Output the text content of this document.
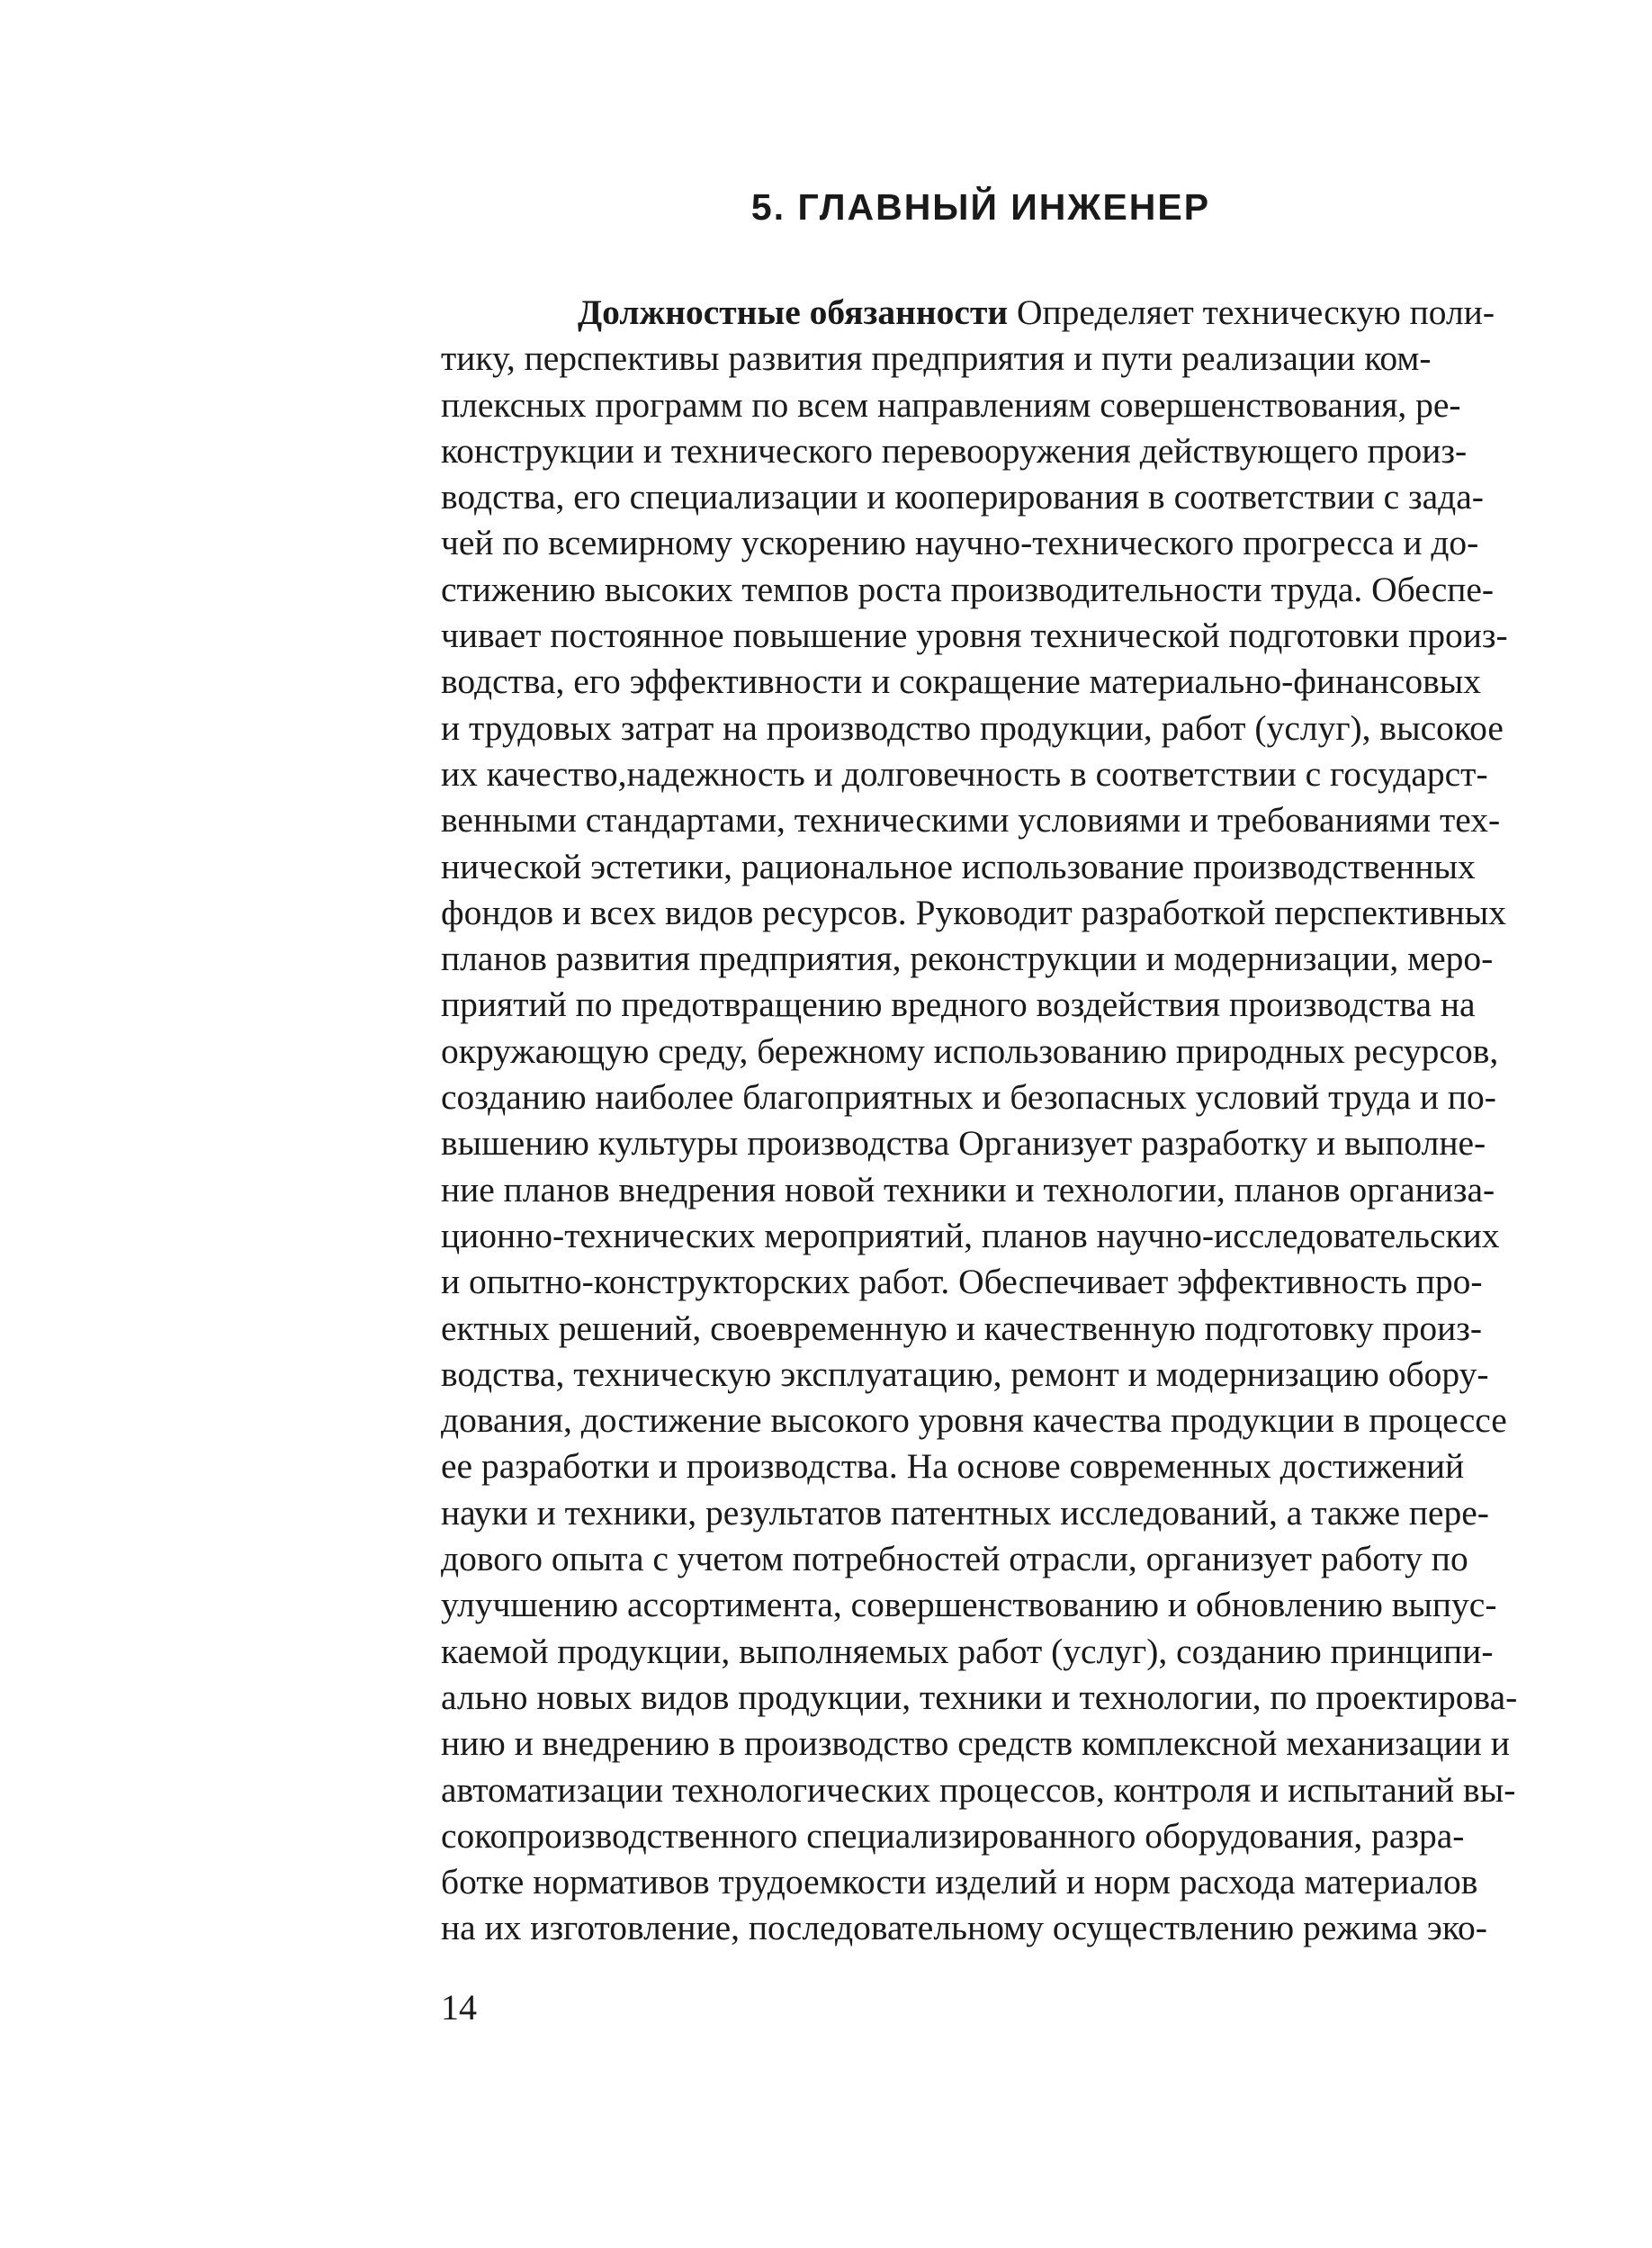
5. ГЛАВНЫЙ ИНЖЕНЕР
Должностные обязанности Определяет техническую поли-
тику, перспективы развития предприятия и пути реализации ком-
плексных программ по всем направлениям совершенствования, ре-
конструкции и технического перевооружения действующего произ-
водства, его специализации и кооперирования в соответствии с зада-
чей по всемирному ускорению научно-технического прогресса и до-
стижению высоких темпов роста производительности труда. Обеспе-
чивает постоянное повышение уровня технической подготовки произ-
водства, его эффективности и сокращение материально-финансовых
и трудовых затрат на производство продукции, работ (услуг), высокое
их качество,надежность и долговечность в соответствии с государст-
венными стандартами, техническими условиями и требованиями тех-
нической эстетики, рациональное использование производственных
фондов и всех видов ресурсов. Руководит разработкой перспективных
планов развития предприятия, реконструкции и модернизации, меро-
приятий по предотвращению вредного воздействия производства на
окружающую среду, бережному использованию природных ресурсов,
созданию наиболее благоприятных и безопасных условий труда и по-
вышению культуры производства Организует разработку и выполне-
ние планов внедрения новой техники и технологии, планов организа-
ционно-технических мероприятий, планов научно-исследовательских
и опытно-конструкторских работ. Обеспечивает эффективность про-
ектных решений, своевременную и качественную подготовку произ-
водства, техническую эксплуатацию, ремонт и модернизацию обору-
дования, достижение высокого уровня качества продукции в процессе
ее разработки и производства. На основе современных достижений
науки и техники, результатов патентных исследований, а также пере-
дового опыта с учетом потребностей отрасли, организует работу по
улучшению ассортимента, совершенствованию и обновлению выпус-
каемой продукции, выполняемых работ (услуг), созданию принципи-
ально новых видов продукции, техники и технологии, по проектирова-
нию и внедрению в производство средств комплексной механизации и
автоматизации технологических процессов, контроля и испытаний вы-
сокопроизводственного специализированного оборудования, разра-
ботке нормативов трудоемкости изделий и норм расхода материалов
на их изготовление, последовательному осуществлению режима эко-
14
